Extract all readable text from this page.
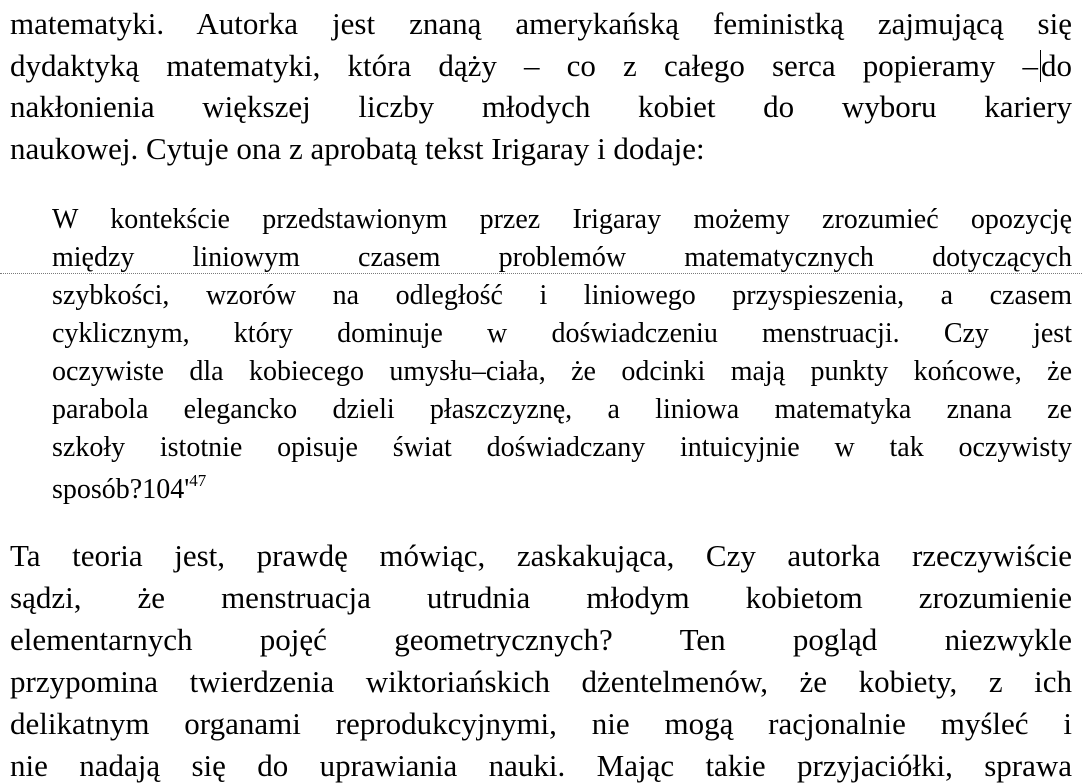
matematyki. Autorka jest znaną amerykańską feministką zajmującą się
dydaktyką matematyki, która dąży – co z całego serca popieramy –do
nakłonienia większej liczby młodych kobiet do wyboru kariery
naukowej. Cytuje ona z aprobatą tekst Irigaray i dodaje:
W kontekście przedstawionym przez Irigaray możemy zrozumieć opozycję
między liniowym czasem problemów matematycznych dotyczących
szybkości, wzorów na odległość i liniowego przyspieszenia, a czasem
cyklicznym, który dominuje w doświadczeniu menstruacji. Czy jest
oczywiste dla kobiecego umysłu–ciała, że odcinki mają punkty końcowe, że
parabola elegancko dzieli płaszczyznę, a liniowa matematyka znana ze
szkoły istotnie opisuje świat doświadczany intuicyjnie w tak oczywisty
$sposób?104'^{47}$
Ta teoria jest, prawdę mówiąc, zaskakująca, Czy autorka rzeczywiście
sądzi, że menstruacja utrudnia młodym kobietom zrozumienie
elementarnych pojęć geometrycznych? Ten pogląd niezwykle
przypomina twierdzenia wiktoriańskich dżentelmenów, że kobiety, z ich
delikatnym organami reprodukcyjnymi, nie mogą racjonalnie myśleć i
nie nadają się do uprawiania nauki. Mając takie przyjaciółki, sprawa
